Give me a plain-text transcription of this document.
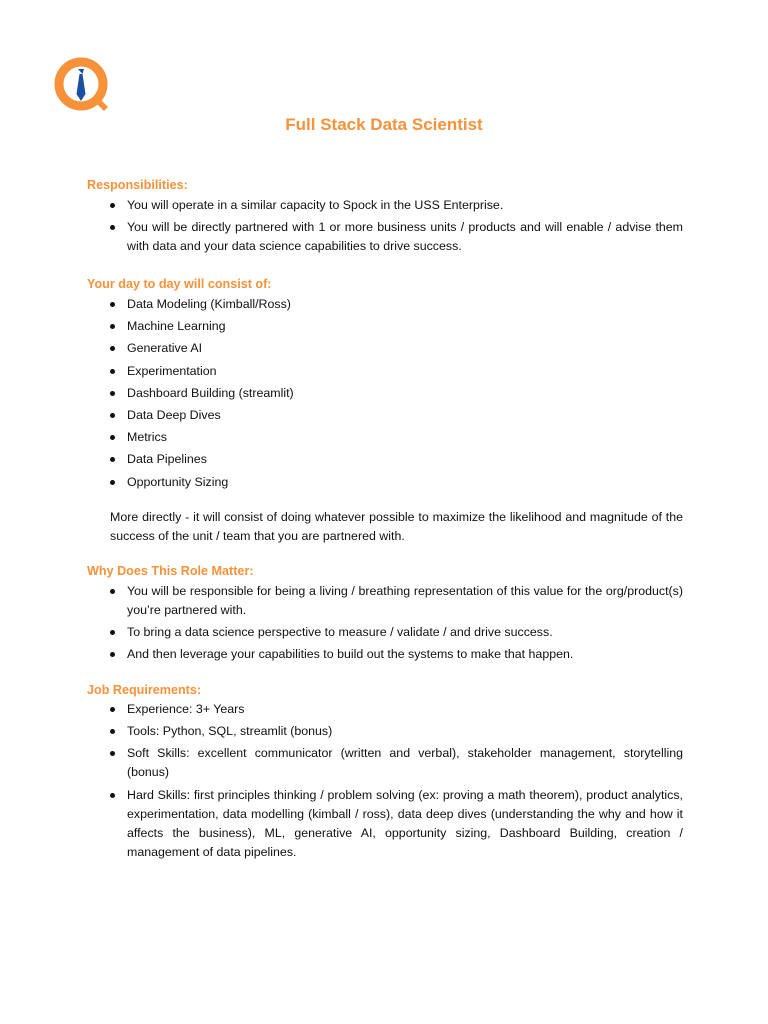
Full Stack Data Scientist
Responsibilities:
You will operate in a similar capacity to Spock in the USS Enterprise.
You will be directly partnered with 1 or more business units / products and will enable / advise them with data and your data science capabilities to drive success.
Your day to day will consist of:
Data Modeling (Kimball/Ross)
Machine Learning
Generative AI
Experimentation
Dashboard Building (streamlit)
Data Deep Dives
Metrics
Data Pipelines
Opportunity Sizing
More directly - it will consist of doing whatever possible to maximize the likelihood and magnitude of the success of the unit / team that you are partnered with.
Why Does This Role Matter:
You will be responsible for being a living / breathing representation of this value for the org/product(s) you’re partnered with.
To bring a data science perspective to measure / validate / and drive success.
And then leverage your capabilities to build out the systems to make that happen.
Job Requirements:
Experience: 3+ Years
Tools: Python, SQL, streamlit (bonus)
Soft Skills: excellent communicator (written and verbal), stakeholder management, storytelling (bonus)
Hard Skills: first principles thinking / problem solving (ex: proving a math theorem), product analytics, experimentation, data modelling (kimball / ross), data deep dives (understanding the why and how it affects the business), ML, generative AI, opportunity sizing, Dashboard Building, creation / management of data pipelines.
